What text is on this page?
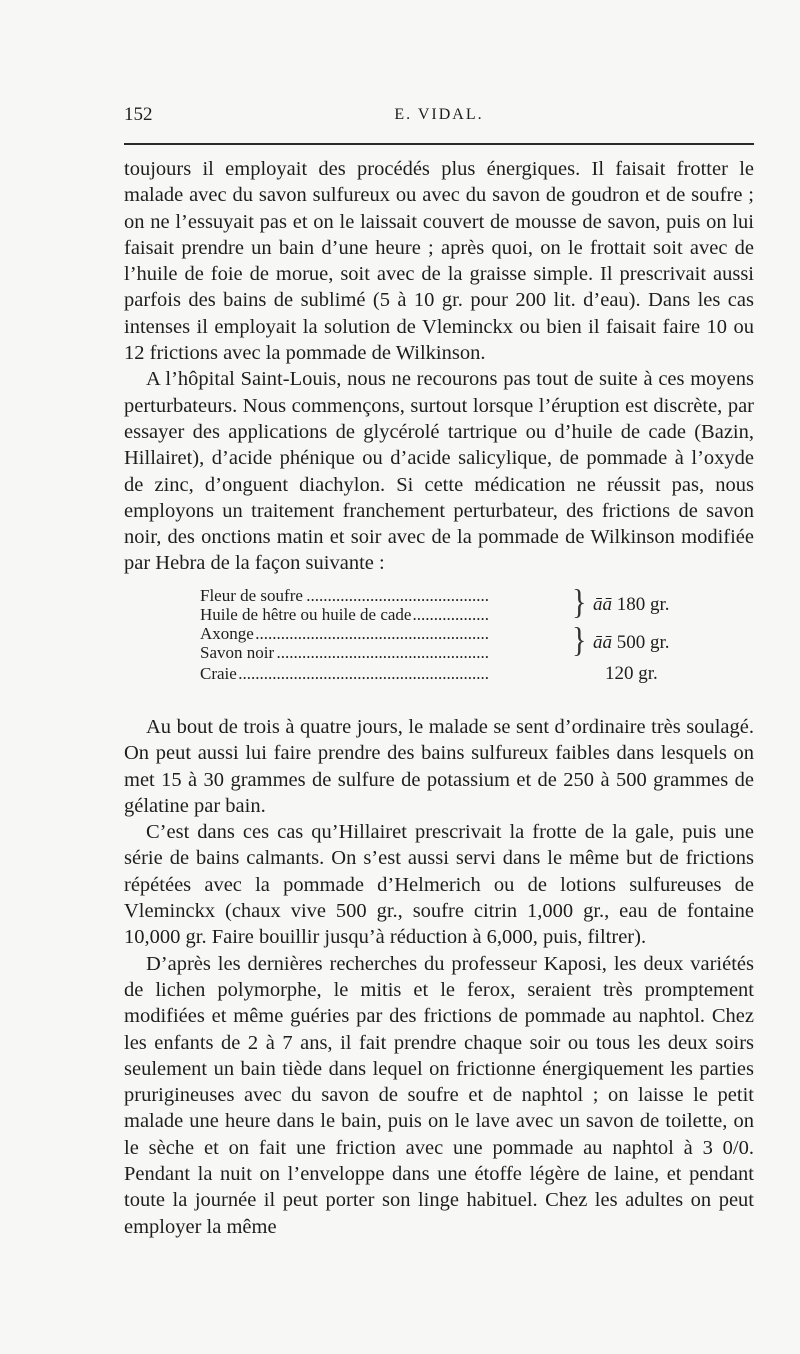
152	E. VIDAL.

toujours il employait des procédés plus énergiques. Il faisait frotter le malade avec du savon sulfureux ou avec du savon de goudron et de soufre ; on ne l’essuyait pas et on le laissait couvert de mousse de savon, puis on lui faisait prendre un bain d’une heure ; après quoi, on le frottait soit avec de l’huile de foie de morue, soit avec de la graisse simple. Il prescrivait aussi parfois des bains de sublimé (5 à 10 gr. pour 200 lit. d’eau). Dans les cas intenses il employait la solution de Vleminckx ou bien il faisait faire 10 ou 12 frictions avec la pommade de Wilkinson.

A l’hôpital Saint-Louis, nous ne recourons pas tout de suite à ces moyens perturbateurs. Nous commençons, surtout lorsque l’éruption est discrète, par essayer des applications de glycérolé tartrique ou d’huile de cade (Bazin, Hillairet), d’acide phénique ou d’acide salicylique, de pommade à l’oxyde de zinc, d’onguent diachylon. Si cette médication ne réussit pas, nous employons un traitement franchement perturbateur, des frictions de savon noir, des onctions matin et soir avec de la pommade de Wilkinson modifiée par Hebra de la façon suivante :

Fleur de soufre .....
Huile de hêtre ou huile de cade .....	} āā 180 gr.
Axonge .....
Savon noir .....	} āā 500 gr.
Craie .....	120 gr.

Au bout de trois à quatre jours, le malade se sent d’ordinaire très soulagé. On peut aussi lui faire prendre des bains sulfureux faibles dans lesquels on met 15 à 30 grammes de sulfure de potassium et de 250 à 500 grammes de gélatine par bain.

C’est dans ces cas qu’Hillairet prescrivait la frotte de la gale, puis une série de bains calmants. On s’est aussi servi dans le même but de frictions répétées avec la pommade d’Helmerich ou de lotions sulfureuses de Vleminckx (chaux vive 500 gr., soufre citrin 1,000 gr., eau de fontaine 10,000 gr. Faire bouillir jusqu’à réduction à 6,000, puis, filtrer).

D’après les dernières recherches du professeur Kaposi, les deux variétés de lichen polymorphe, le mitis et le ferox, seraient très promptement modifiées et même guéries par des frictions de pommade au naphtol. Chez les enfants de 2 à 7 ans, il fait prendre chaque soir ou tous les deux soirs seulement un bain tiède dans lequel on frictionne énergiquement les parties prurigineuses avec du savon de soufre et de naphtol ; on laisse le petit malade une heure dans le bain, puis on le lave avec un savon de toilette, on le sèche et on fait une friction avec une pommade au naphtol à 3 0/0. Pendant la nuit on l’enveloppe dans une étoffe légère de laine, et pendant toute la journée il peut porter son linge habituel. Chez les adultes on peut employer la même
